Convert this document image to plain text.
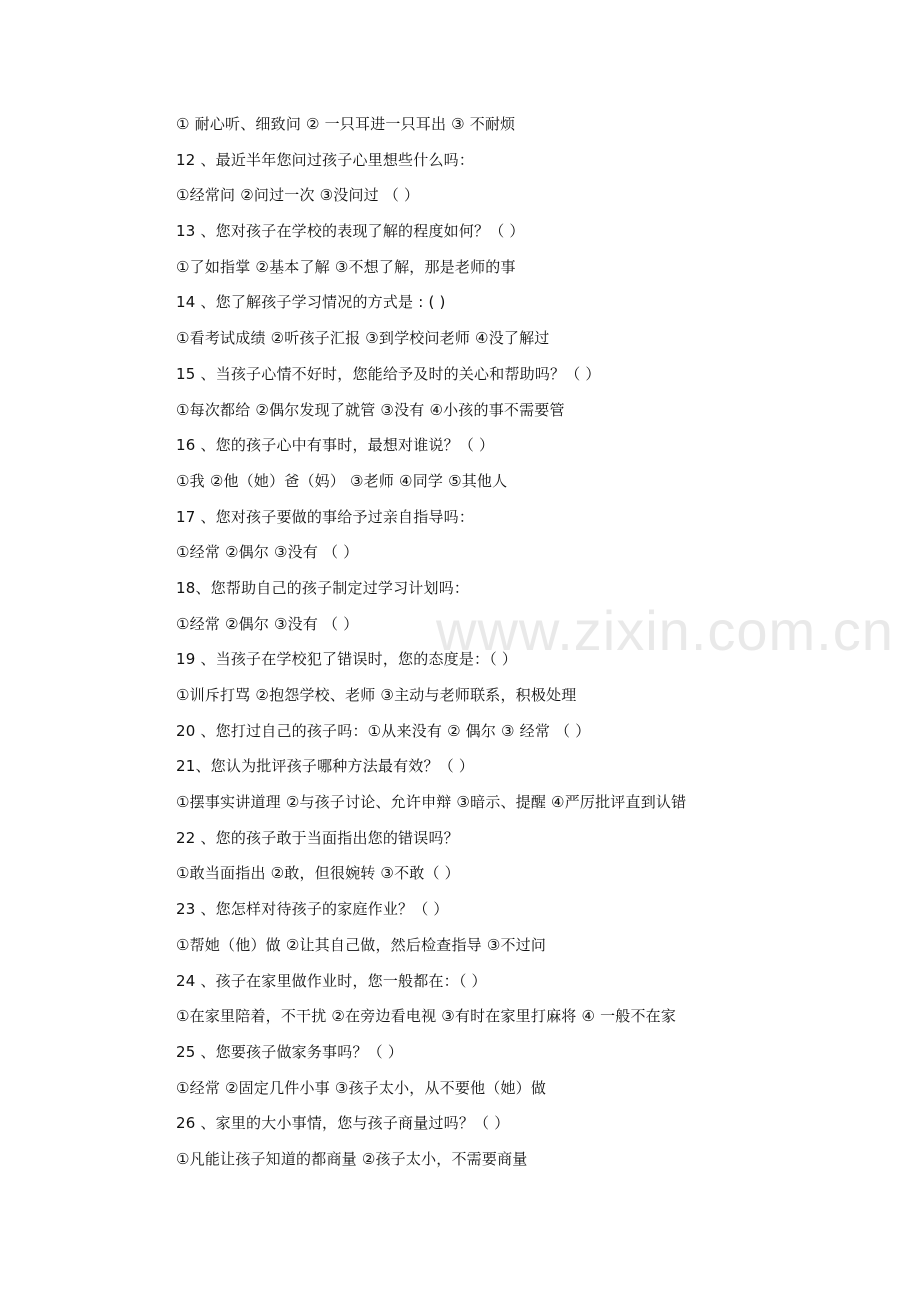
www.zixin.com.cn
① 耐心听、细致问 ② 一只耳进一只耳出 ③ 不耐烦
12 、最近半年您问过孩子心里想些什么吗：
①经常问 ②问过一次 ③没问过 （ ）
13 、您对孩子在学校的表现了解的程度如何？（ ）
①了如指掌 ②基本了解 ③不想了解，那是老师的事
14 、您了解孩子学习情况的方式是 : ( )
①看考试成绩 ②听孩子汇报 ③到学校问老师 ④没了解过
15 、当孩子心情不好时，您能给予及时的关心和帮助吗？（ ）
①每次都给 ②偶尔发现了就管 ③没有 ④小孩的事不需要管
16 、您的孩子心中有事时，最想对谁说？（ ）
①我 ②他（她）爸（妈） ③老师 ④同学 ⑤其他人
17 、您对孩子要做的事给予过亲自指导吗：
①经常 ②偶尔 ③没有 （ ）
18、您帮助自己的孩子制定过学习计划吗：
①经常 ②偶尔 ③没有 （ ）
19 、当孩子在学校犯了错误时，您的态度是：（ ）
①训斥打骂 ②抱怨学校、老师 ③主动与老师联系，积极处理
20 、您打过自己的孩子吗：①从来没有 ② 偶尔 ③ 经常 （ ）
21、您认为批评孩子哪种方法最有效？（ ）
①摆事实讲道理 ②与孩子讨论、允许申辩 ③暗示、提醒 ④严厉批评直到认错
22 、您的孩子敢于当面指出您的错误吗？
①敢当面指出 ②敢，但很婉转 ③不敢（ ）
23 、您怎样对待孩子的家庭作业？（ ）
①帮她（他）做 ②让其自己做，然后检查指导 ③不过问
24 、孩子在家里做作业时，您一般都在：（ ）
①在家里陪着，不干扰 ②在旁边看电视 ③有时在家里打麻将 ④ 一般不在家
25 、您要孩子做家务事吗？（ ）
①经常 ②固定几件小事 ③孩子太小，从不要他（她）做
26 、家里的大小事情，您与孩子商量过吗？（ ）
①凡能让孩子知道的都商量 ②孩子太小，不需要商量
